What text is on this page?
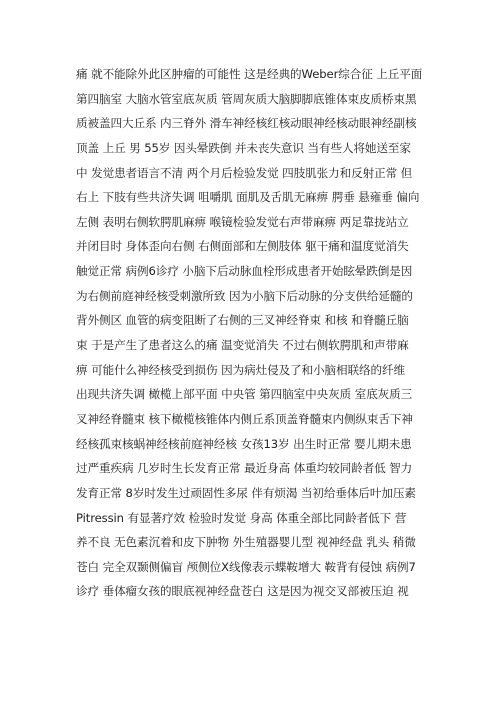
痛 就不能除外此区肿瘤的可能性 这是经典的Weber综合征 上丘平面
第四脑室 大脑水管室底灰质 管周灰质大脑脚脚底锥体束皮质桥束黑
质被盖四大丘系 内三脊外 滑车神经核红核动眼神经核动眼神经副核
顶盖 上丘 男 55岁 因头晕跌倒 并未丧失意识 当有些人将她送至家
中 发觉患者语言不清 两个月后检验发觉 四肢肌张力和反射正常 但
右上 下肢有些共济失调 咀嚼肌 面肌及舌肌无麻痹 腭垂 悬雍垂 偏向
左侧 表明右侧软腭肌麻痹 喉镜检验发觉右声带麻痹 两足靠拢站立
并闭目时 身体歪向右侧 右侧面部和左侧肢体 躯干痛和温度觉消失
触觉正常 病例6诊疗 小脑下后动脉血栓形成患者开始眩晕跌倒是因
为右侧前庭神经核受刺激所致 因为小脑下后动脉的分支供给延髓的
背外侧区 血管的病变阻断了右侧的三叉神经脊束 和核 和脊髓丘脑
束 于是产生了患者这么的痛 温变觉消失 不过右侧软腭肌和声带麻
痹 可能什么神经核受到损伤 因为病灶侵及了和小脑相联络的纤维
出现共济失调 橄榄上部平面 中央管 第四脑室中央灰质 室底灰质三
叉神经脊髓束 核下橄榄核锥体内侧丘系顶盖脊髓束内侧纵束舌下神
经核孤束核蜗神经核前庭神经核 女孩13岁 出生时正常 婴儿期未患
过严重疾病 几岁时生长发育正常 最近身高 体重均较同龄者低 智力
发育正常 8岁时发生过顽固性多尿 伴有烦渴 当初给垂体后叶加压素
Pitressin 有显著疗效 检验时发觉 身高 体重全部比同龄者低下 营
养不良 无色素沉着和皮下肿物 外生殖器婴儿型 视神经盘 乳头 稍微
苍白 完全双颞侧偏盲 颅侧位X线像表示蝶鞍增大 鞍背有侵蚀 病例7
诊疗 垂体瘤女孩的眼底视神经盘苍白 这是因为视交叉部被压迫 视
